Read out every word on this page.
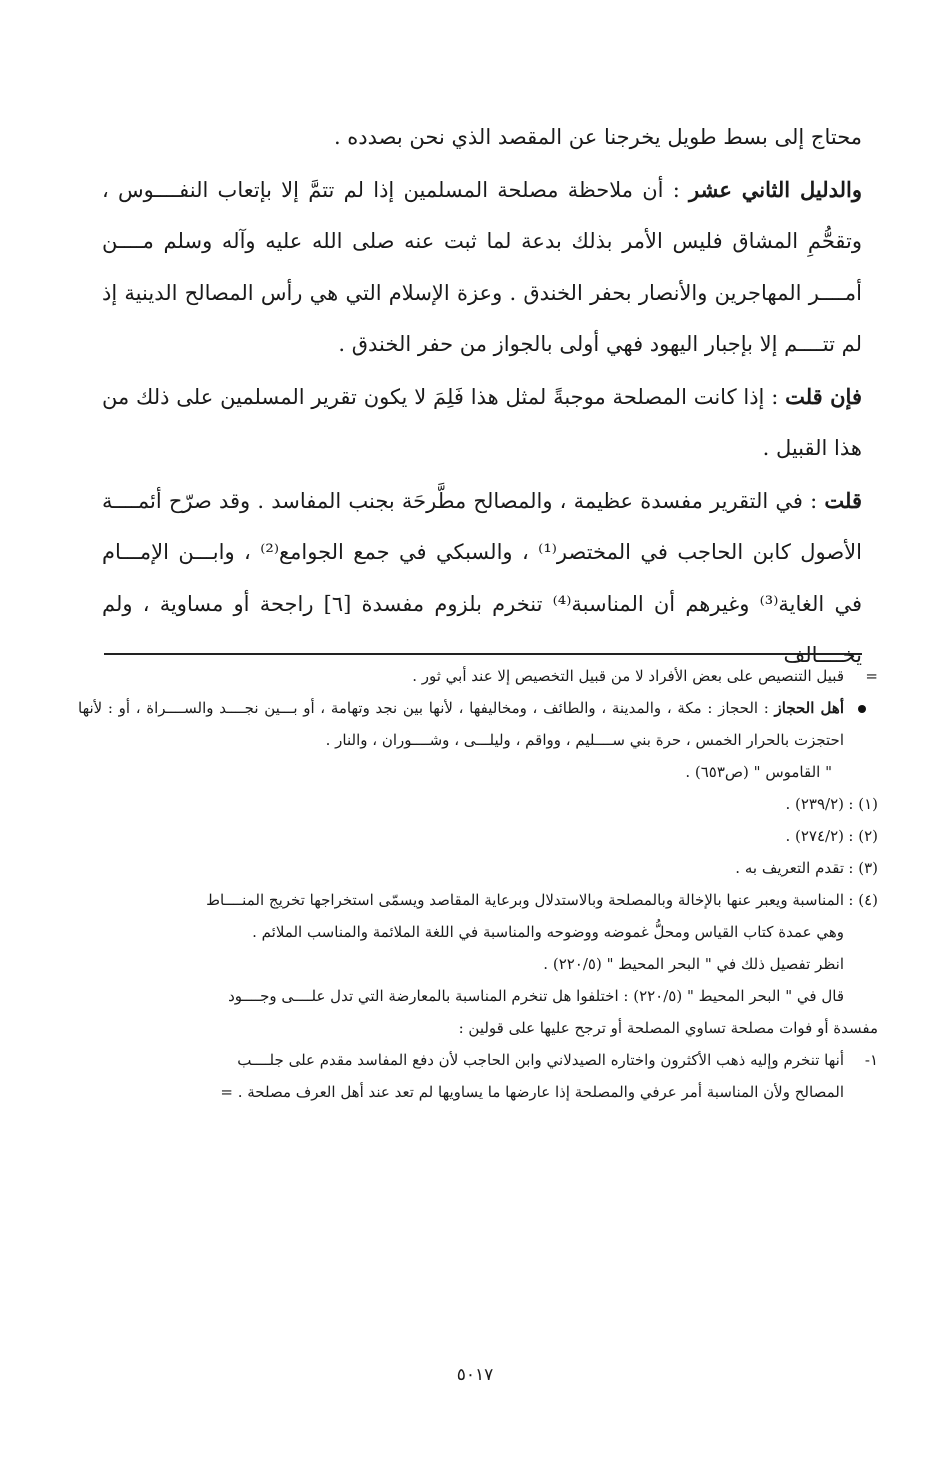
محتاج إلى بسط طويل يخرجنا عن المقصد الذي نحن بصدده .

والدليل الثاني عشر : أن ملاحظة مصلحة المسلمين إذا لم تتمَّ إلا بإتعاب النفــــوس ، وتقحُّمِ المشاق فليس الأمر بذلك بدعة لما ثبت عنه صلى الله عليه وآله وسلم مــــن أمــــر المهاجرين والأنصار بحفر الخندق . وعزة الإسلام التي هي رأس المصالح الدينية إذ لم تتــــم إلا بإجبار اليهود فهي أولى بالجواز من حفر الخندق .

فإن قلت : إذا كانت المصلحة موجبةً لمثل هذا فَلِمَ لا يكون تقرير المسلمين على ذلك من هذا القبيل .

قلت : في التقرير مفسدة عظيمة ، والمصالح مطَّرحَة بجنب المفاسد . وقد صرّح أئمــــة الأصول كابن الحاجب في المختصر⁽¹⁾ ، والسبكي في جمع الجوامع⁽²⁾ ، وابـــن الإمـــام في الغاية⁽³⁾ وغيرهم أن المناسبة⁽⁴⁾ تنخرم بلزوم مفسدة [٦] راجحة أو مساوية ، ولم يخــــالف

=
قبيل التنصيص على بعض الأفراد لا من قبيل التخصيص إلا عند أبي ثور .
أهل الحجاز : الحجاز : مكة ، والمدينة ، والطائف ، ومخاليفها ، لأنها بين نجد وتهامة ، أو بـــين نجــــد والســــراة ، أو : لأنها احتجزت بالحرار الخمس ، حرة بني ســــليم ، وواقم ، وليلـــى ، وشــــوران ، والنار .
" القاموس " (ص٦٥٣) .
(١) :
(٢٣٩/٢) .
(٢) :
(٢٧٤/٢) .
(٣) :
تقدم التعريف به .
(٤) :
المناسبة ويعبر عنها بالإخالة وبالمصلحة وبالاستدلال وبرعاية المقاصد ويسمّى استخراجها تخريج المنــــاط
وهي عمدة كتاب القياس ومحلُّ غموضه ووضوحه والمناسبة في اللغة الملائمة والمناسب الملائم .
انظر تفصيل ذلك في " البحر المحيط " (٢٢٠/٥) .
قال في " البحر المحيط " (٢٢٠/٥) : اختلفوا هل تنخرم المناسبة بالمعارضة التي تدل علــــى وجــــود
مفسدة أو فوات مصلحة تساوي المصلحة أو ترجح عليها على قولين :
١-
أنها تنخرم وإليه ذهب الأكثرون واختاره الصيدلاني وابن الحاجب لأن دفع المفاسد مقدم على جلــــب
المصالح ولأن المناسبة أمر عرفي والمصلحة إذا عارضها ما يساويها لم تعد عند أهل العرف مصلحة . =
٥٠١٧
